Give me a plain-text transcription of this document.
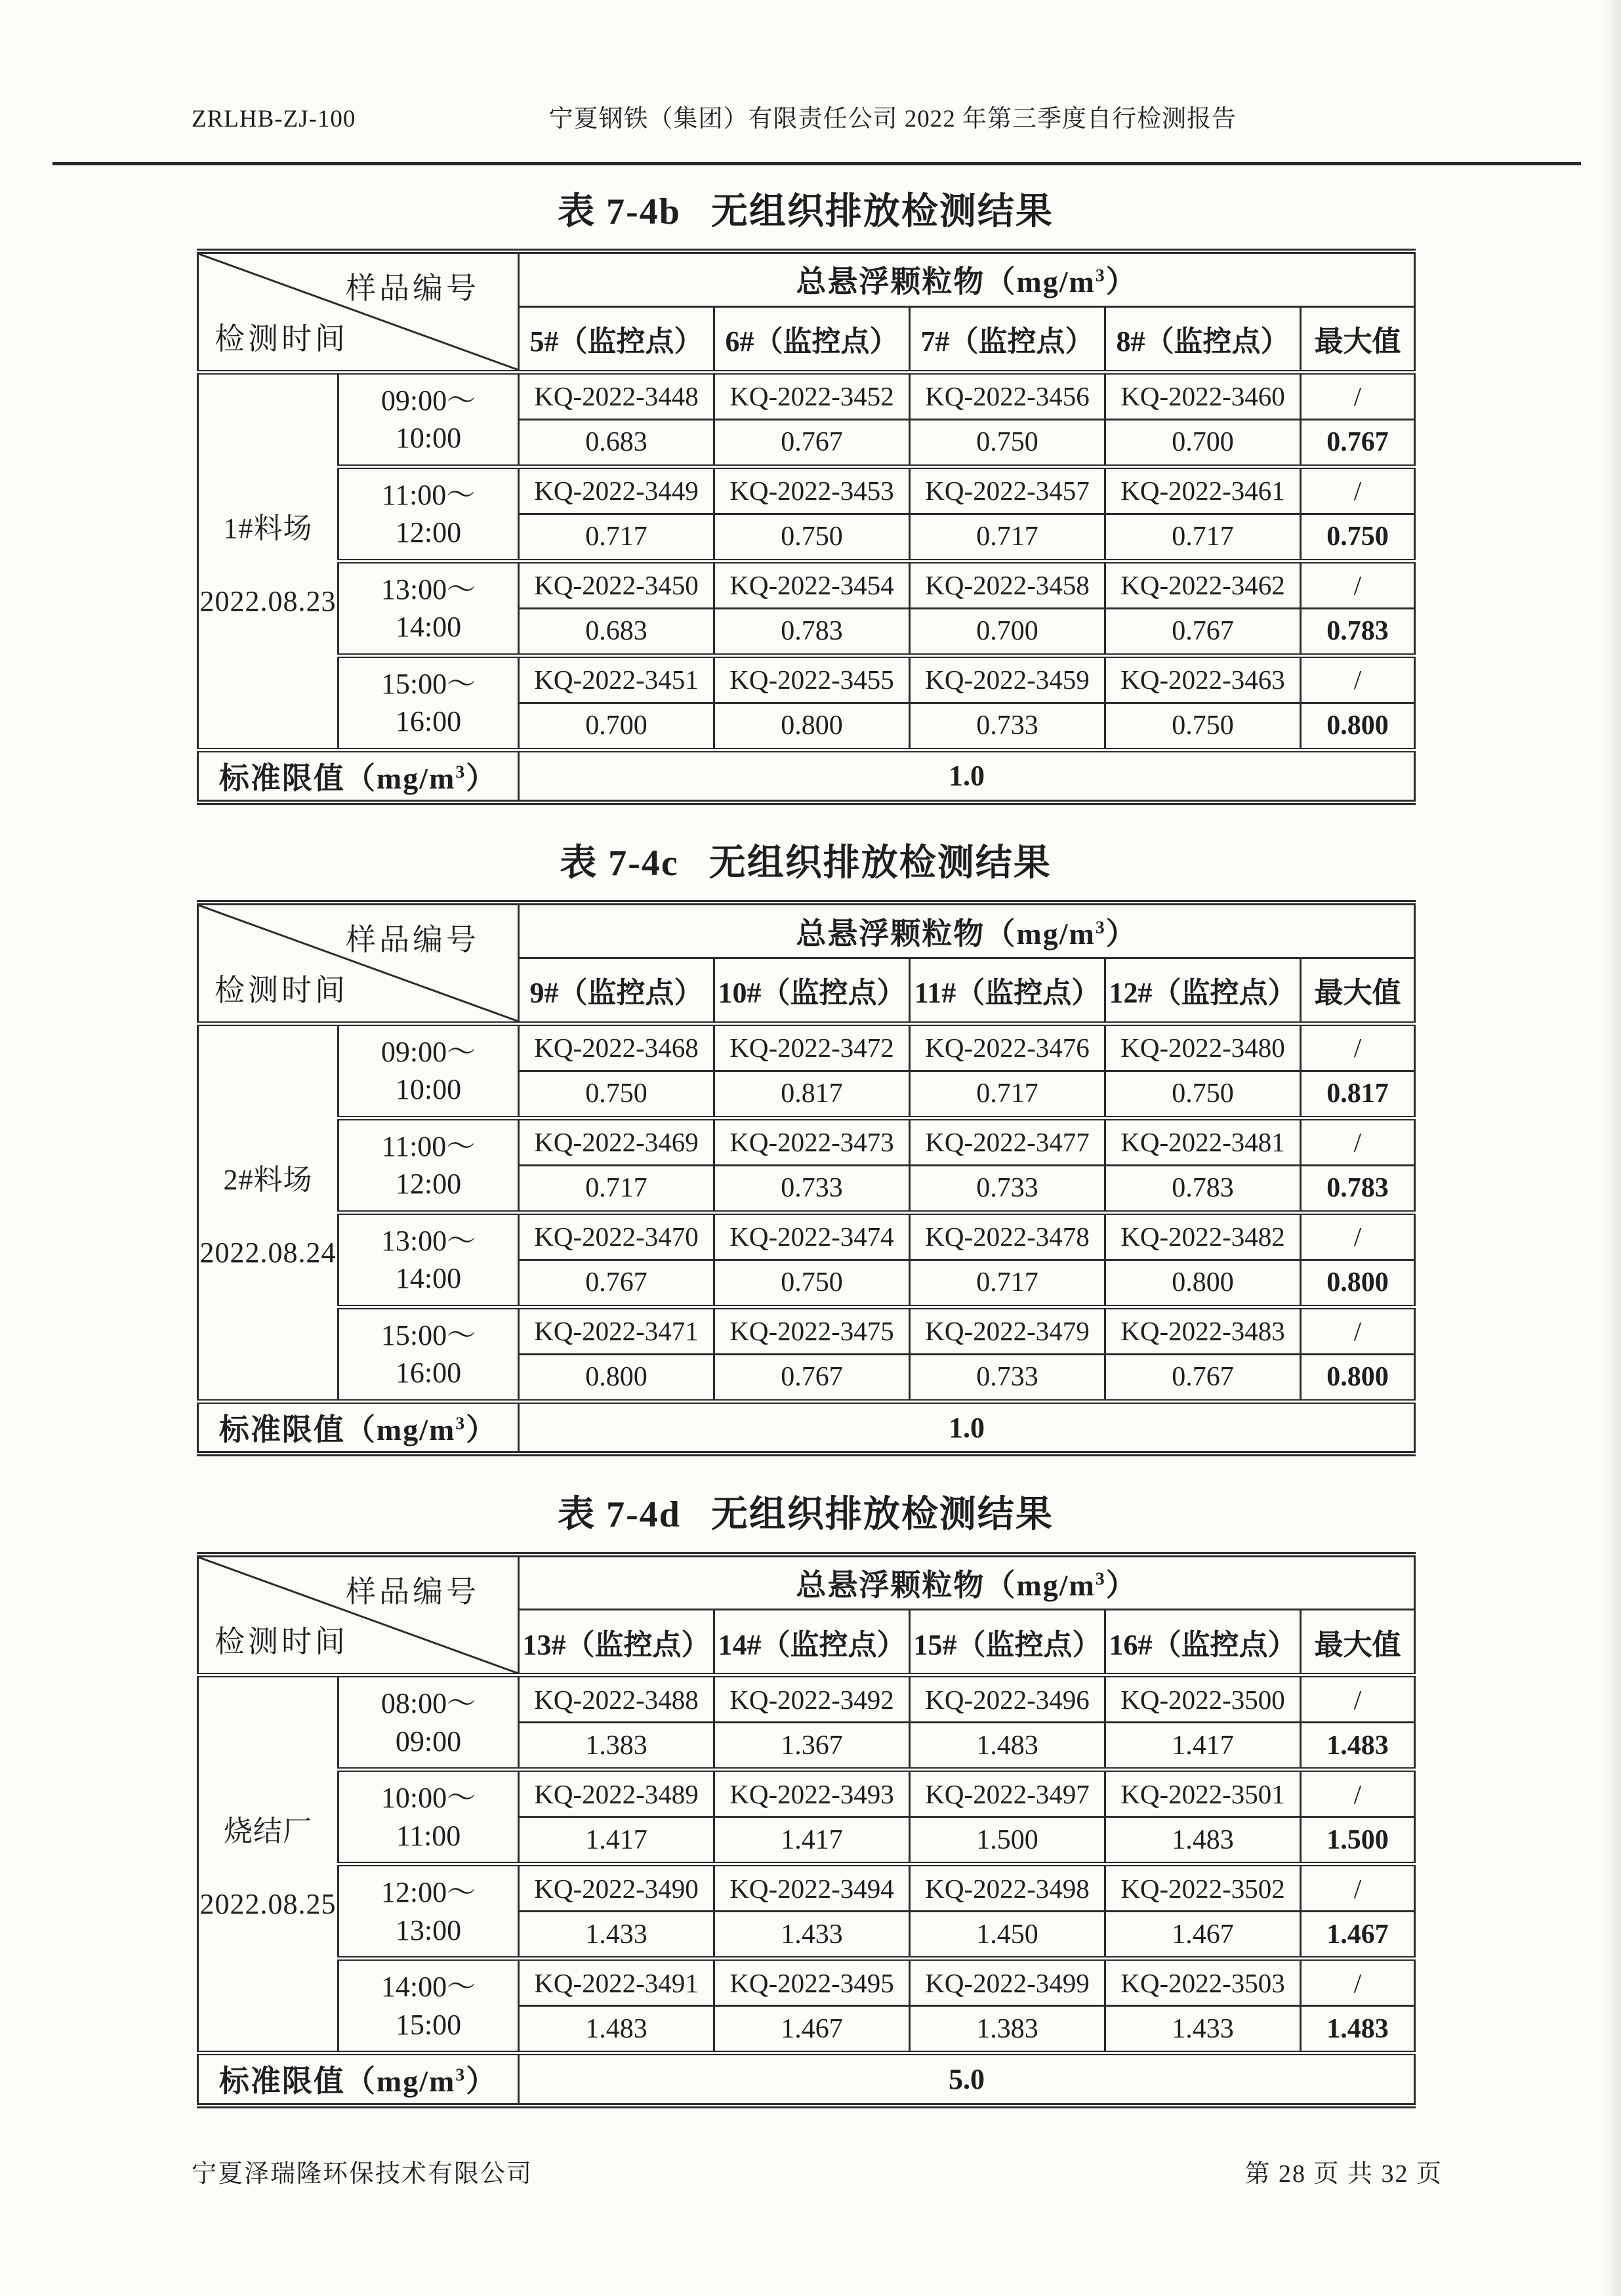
ZRLHB-ZJ-100	宁夏钢铁（集团）有限责任公司 2022 年第三季度自行检测报告
表 7-4b 无组织排放检测结果
样品编号
检测时间		总悬浮颗粒物$(mg/m^3)$				
		5#（监控点）	6#（监控点）	7#（监控点）	8#（监控点）	最大值

1#料场
2022.08.23

09:00～
10:00
	KQ-2022-3448	KQ-2022-3452	KQ-2022-3456	KQ-2022-3460	/
		0.683	0.767	0.750	0.700	0.767

	11:00～
12:00	KQ-2022-3449	KQ-2022-3453	KQ-2022-3457	KQ-2022-3461	/
		0.717	0.750	0.717	0.717	0.750

	13:00～
14:00	KQ-2022-3450	KQ-2022-3454	KQ-2022-3458	KQ-2022-3462	/
		0.683	0.783	0.700	0.767	0.783

	15:00～
16:00	KQ-2022-3451	KQ-2022-3455	KQ-2022-3459	KQ-2022-3463	/
		0.700	0.800	0.733	0.750	0.800
标准限值$(mg/m^3)$		1.0				
表 7-4c 无组织排放检测结果
样品编号
检测时间		总悬浮颗粒物$(mg/m^3)$				
		9#（监控点）	10#（监控点）	11#（监控点）	12#（监控点）	最大值

2#料场
2022.08.24

09:00～
10:00
	KQ-2022-3468	KQ-2022-3472	KQ-2022-3476	KQ-2022-3480	/
		0.750	0.817	0.717	0.750	0.817

	11:00～
12:00	KQ-2022-3469	KQ-2022-3473	KQ-2022-3477	KQ-2022-3481	/
		0.717	0.733	0.733	0.783	0.783

	13:00～
14:00	KQ-2022-3470	KQ-2022-3474	KQ-2022-3478	KQ-2022-3482	/
		0.767	0.750	0.717	0.800	0.800

	15:00～
16:00	KQ-2022-3471	KQ-2022-3475	KQ-2022-3479	KQ-2022-3483	/
		0.800	0.767	0.733	0.767	0.800
标准限值$(mg/m^3)$		1.0				
表 7-4d 无组织排放检测结果
样品编号
检测时间		总悬浮颗粒物$(mg/m^3)$				
		13#（监控点）	14#（监控点）	15#（监控点）	16#（监控点）	最大值

烧结厂
2022.08.25

08:00～
09:00
	KQ-2022-3488	KQ-2022-3492	KQ-2022-3496	KQ-2022-3500	/
		1.383	1.367	1.483	1.417	1.483

	10:00～
11:00	KQ-2022-3489	KQ-2022-3493	KQ-2022-3497	KQ-2022-3501	/
		1.417	1.417	1.500	1.483	1.500

	12:00～
13:00	KQ-2022-3490	KQ-2022-3494	KQ-2022-3498	KQ-2022-3502	/
		1.433	1.433	1.450	1.467	1.467

	14:00～
15:00	KQ-2022-3491	KQ-2022-3495	KQ-2022-3499	KQ-2022-3503	/
		1.483	1.467	1.383	1.433	1.483
标准限值$(mg/m^3)$		5.0				
宁夏泽瑞隆环保技术有限公司	第 28 页 共 32 页
